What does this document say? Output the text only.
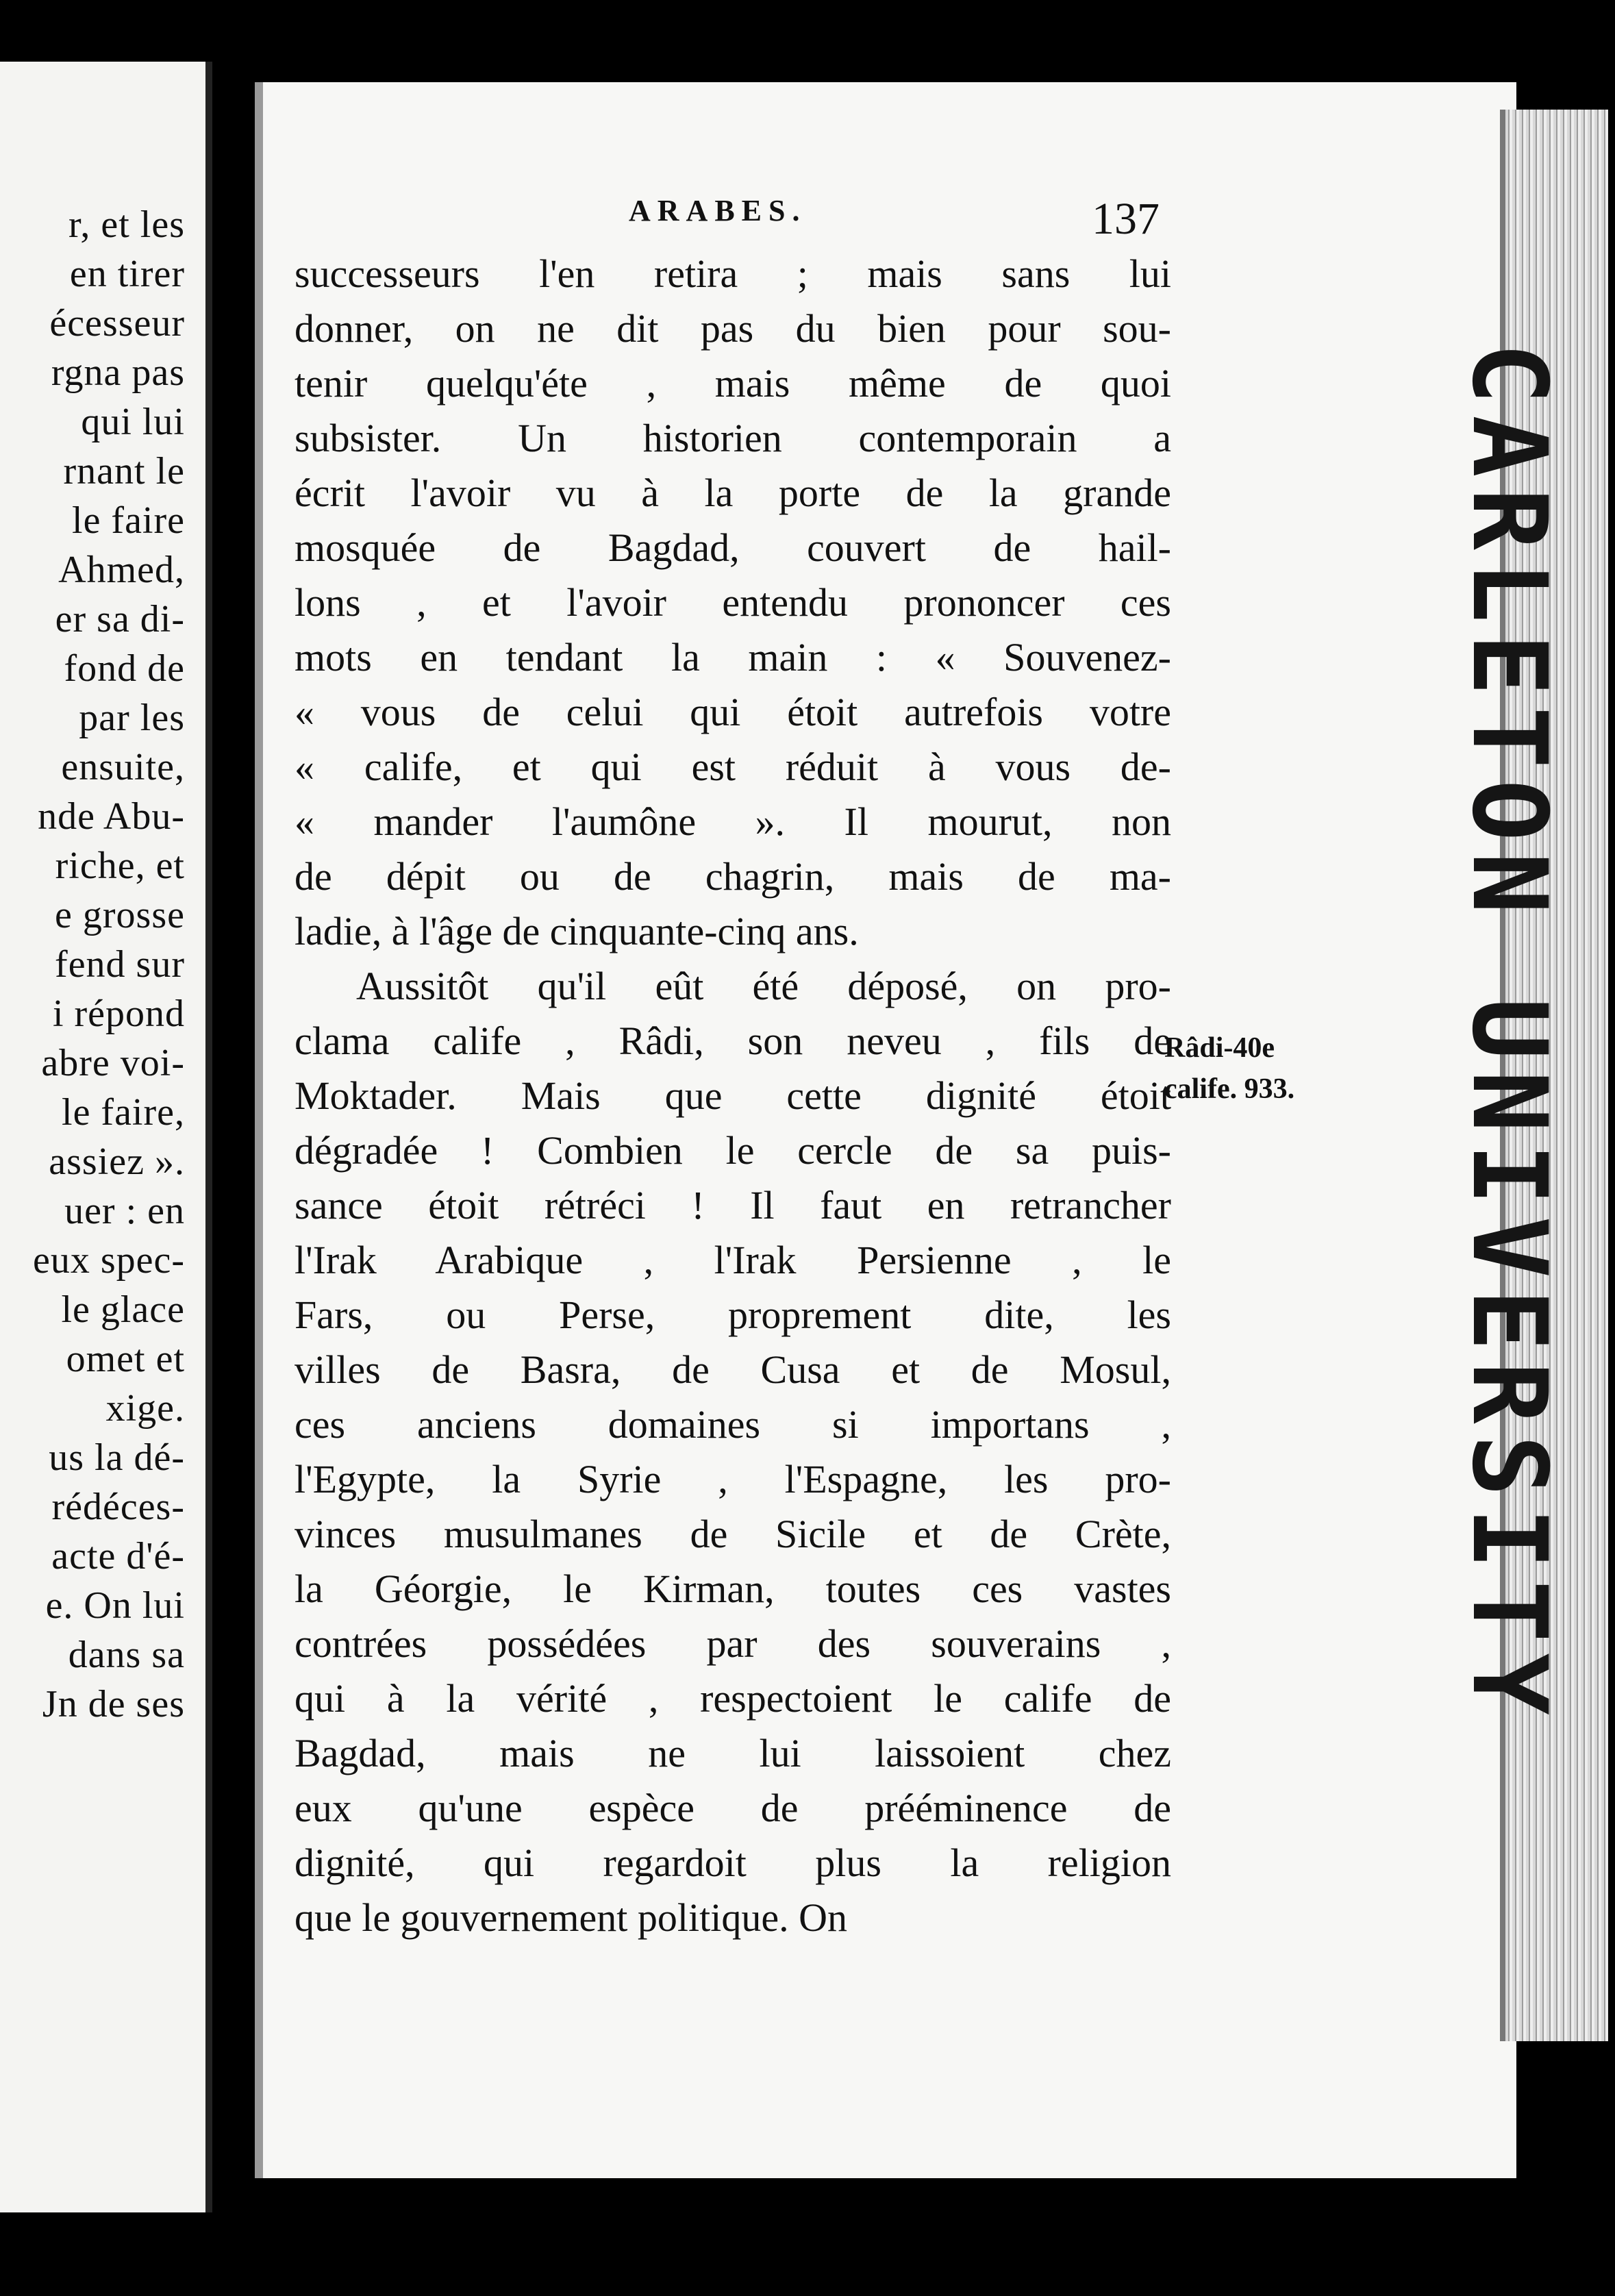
r, et les
en tirer
écesseur
rgna pas
qui lui
rnant le
le faire
Ahmed,
er sa di-
fond de
par les
ensuite,
nde Abu-
riche, et
e grosse
fend sur
i répond
abre voi-
le faire,
assiez ».
uer : en
eux spec-
le glace
omet et
xige.
us la dé-
rédéces-
acte d'é-
e. On lui
dans sa
Jn de ses
ARABES.	137
successeurs l'en retira ; mais sans lui
donner, on ne dit pas du bien pour sou-
tenir quelqu'éte , mais même de quoi
subsister. Un historien contemporain a
écrit l'avoir vu à la porte de la grande
mosquée de Bagdad, couvert de hail-
lons , et l'avoir entendu prononcer ces
mots en tendant la main : « Souvenez-
« vous de celui qui étoit autrefois votre
« calife, et qui est réduit à vous de-
« mander l'aumône ». Il mourut, non
de dépit ou de chagrin, mais de ma-
ladie, à l'âge de cinquante-cinq ans.
Aussitôt qu'il eût été déposé, on pro-
clama calife , Râdi, son neveu , fils de
Moktader. Mais que cette dignité étoit
dégradée ! Combien le cercle de sa puis-
sance étoit rétréci ! Il faut en retrancher
l'Irak Arabique , l'Irak Persienne , le
Fars, ou Perse, proprement dite, les
villes de Basra, de Cusa et de Mosul,
ces anciens domaines si importans ,
l'Egypte, la Syrie , l'Espagne, les pro-
vinces musulmanes de Sicile et de Crète,
la Géorgie, le Kirman, toutes ces vastes
contrées possédées par des souverains ,
qui à la vérité , respectoient le calife de
Bagdad, mais ne lui laissoient chez
eux qu'une espèce de prééminence de
dignité, qui regardoit plus la religion
que le gouvernement politique. On
Râdi-40e
calife. 933. CARLETON UNIVERSITY
